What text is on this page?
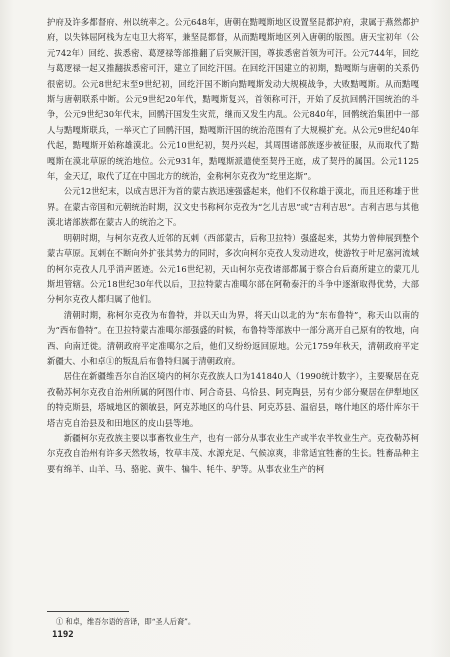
护府及许多都督府、州以统率之。公元648年，唐朝在黠嘎斯地区设置坚昆都护府，隶属于燕然都护府，以失钵屈阿栈为左屯卫大将军，兼坚昆都督，从而黠嘎斯地区列入唐朝的版图。唐天宝初年（公元742年）回纥、拔悉密、葛逻禄等部推翻了后突厥汗国，尊拔悉密首领为可汗。公元744年，回纥与葛逻禄一起又推翻拔悉密可汗，建立了回纥汗国。在回纥汗国建立的初期，黠嘎斯与唐朝的关系仍很密切。公元8世纪末至9世纪初，回纥汗国不断向黠嘎斯发动大规模战争，大败黠嘎斯。从而黠嘎斯与唐朝联系中断。公元9世纪20年代，黠嘎斯复兴，首领称可汗，开始了反抗回鹘汗国统治的斗争，公元9世纪30年代末，回鹘汗国发生灾荒，继而又发生内乱。公元840年，回鹘统治集团中一部人与黠嘎斯联兵，一举灭亡了回鹘汗国，黠嘎斯汗国的统治范围有了大规模扩充。从公元9世纪40年代起，黠嘎斯开始称雄漠北。公元10世纪初，契丹兴起，其周围诸部族逐步被征服，从而取代了黠嘎斯在漠北草原的统治地位。公元931年，黠嘎斯派遣使至契丹王庭，成了契丹的属国。公元1125年，金天辽，取代了辽在中国北方的统治，金称柯尔克孜为“纥里迄斯”。

公元12世纪末，以成吉思汗为首的蒙古族迅速强盛起来，他们不仅称雄于漠北，而且还称雄于世界。在蒙古帝国和元朝统治时期，汉文史书称柯尔克孜为“乞儿吉思”或“吉利吉思”。吉利吉思与其他漠北诸部族都在蒙古人的统治之下。

明朝时期，与柯尔克孜人近邻的瓦剌（西部蒙古，后称卫拉特）强盛起来，其势力曾伸展到整个蒙古草原。瓦剌在不断向外扩张其势力的同时，多次向柯尔克孜人发动进攻，使游牧于叶尼塞河流域的柯尔克孜人几乎消声匿迹。公元16世纪初，天山柯尔克孜诸部都属于察合台后裔所建立的蒙兀儿斯坦管辖。公元18世纪30年代以后，卫拉特蒙古准噶尔部在阿勒泰汗的斗争中逐渐取得优势，大部分柯尔克孜人都归属了他们。

清朝时期，称柯尔克孜为布鲁特，并以天山为界，将天山以北的为“东布鲁特”，称天山以南的为“西布鲁特”。在卫拉特蒙古准噶尔部强盛的时候，布鲁特等部族中一部分离开自己原有的牧地，向西、向南迁徙。清朝政府平定准噶尔之后，他们又纷纷返回原地。公元1759年秋天，清朝政府平定新疆大、小和卓①的叛乱后布鲁特归属于清朝政府。

居住在新疆维吾尔自治区境内的柯尔克孜族人口为141840人（1990统计数字），主要聚居在克孜勒苏柯尔克孜自治州所属的阿图什市、阿合奇县、乌恰县、阿克陶县，另有少部分聚居在伊犁地区的特克斯县，塔城地区的额敏县，阿克苏地区的乌什县、阿克苏县、温宿县，喀什地区的塔什库尔干塔吉克自治县及和田地区的皮山县等地。

新疆柯尔克孜族主要以事畜牧业生产，也有一部分从事农业生产或半农半牧业生产。克孜勒苏柯尔克孜自治州有许多天然牧场，牧草丰茂、水源充足、气候凉爽，非常适宜牲畜的生长。牲畜品种主要有绵羊、山羊、马、骆驼、黄牛、犏牛、牦牛、驴等。从事农业生产的柯

① 和卓，维吾尔语的音译，即“圣人后裔”。
1192
